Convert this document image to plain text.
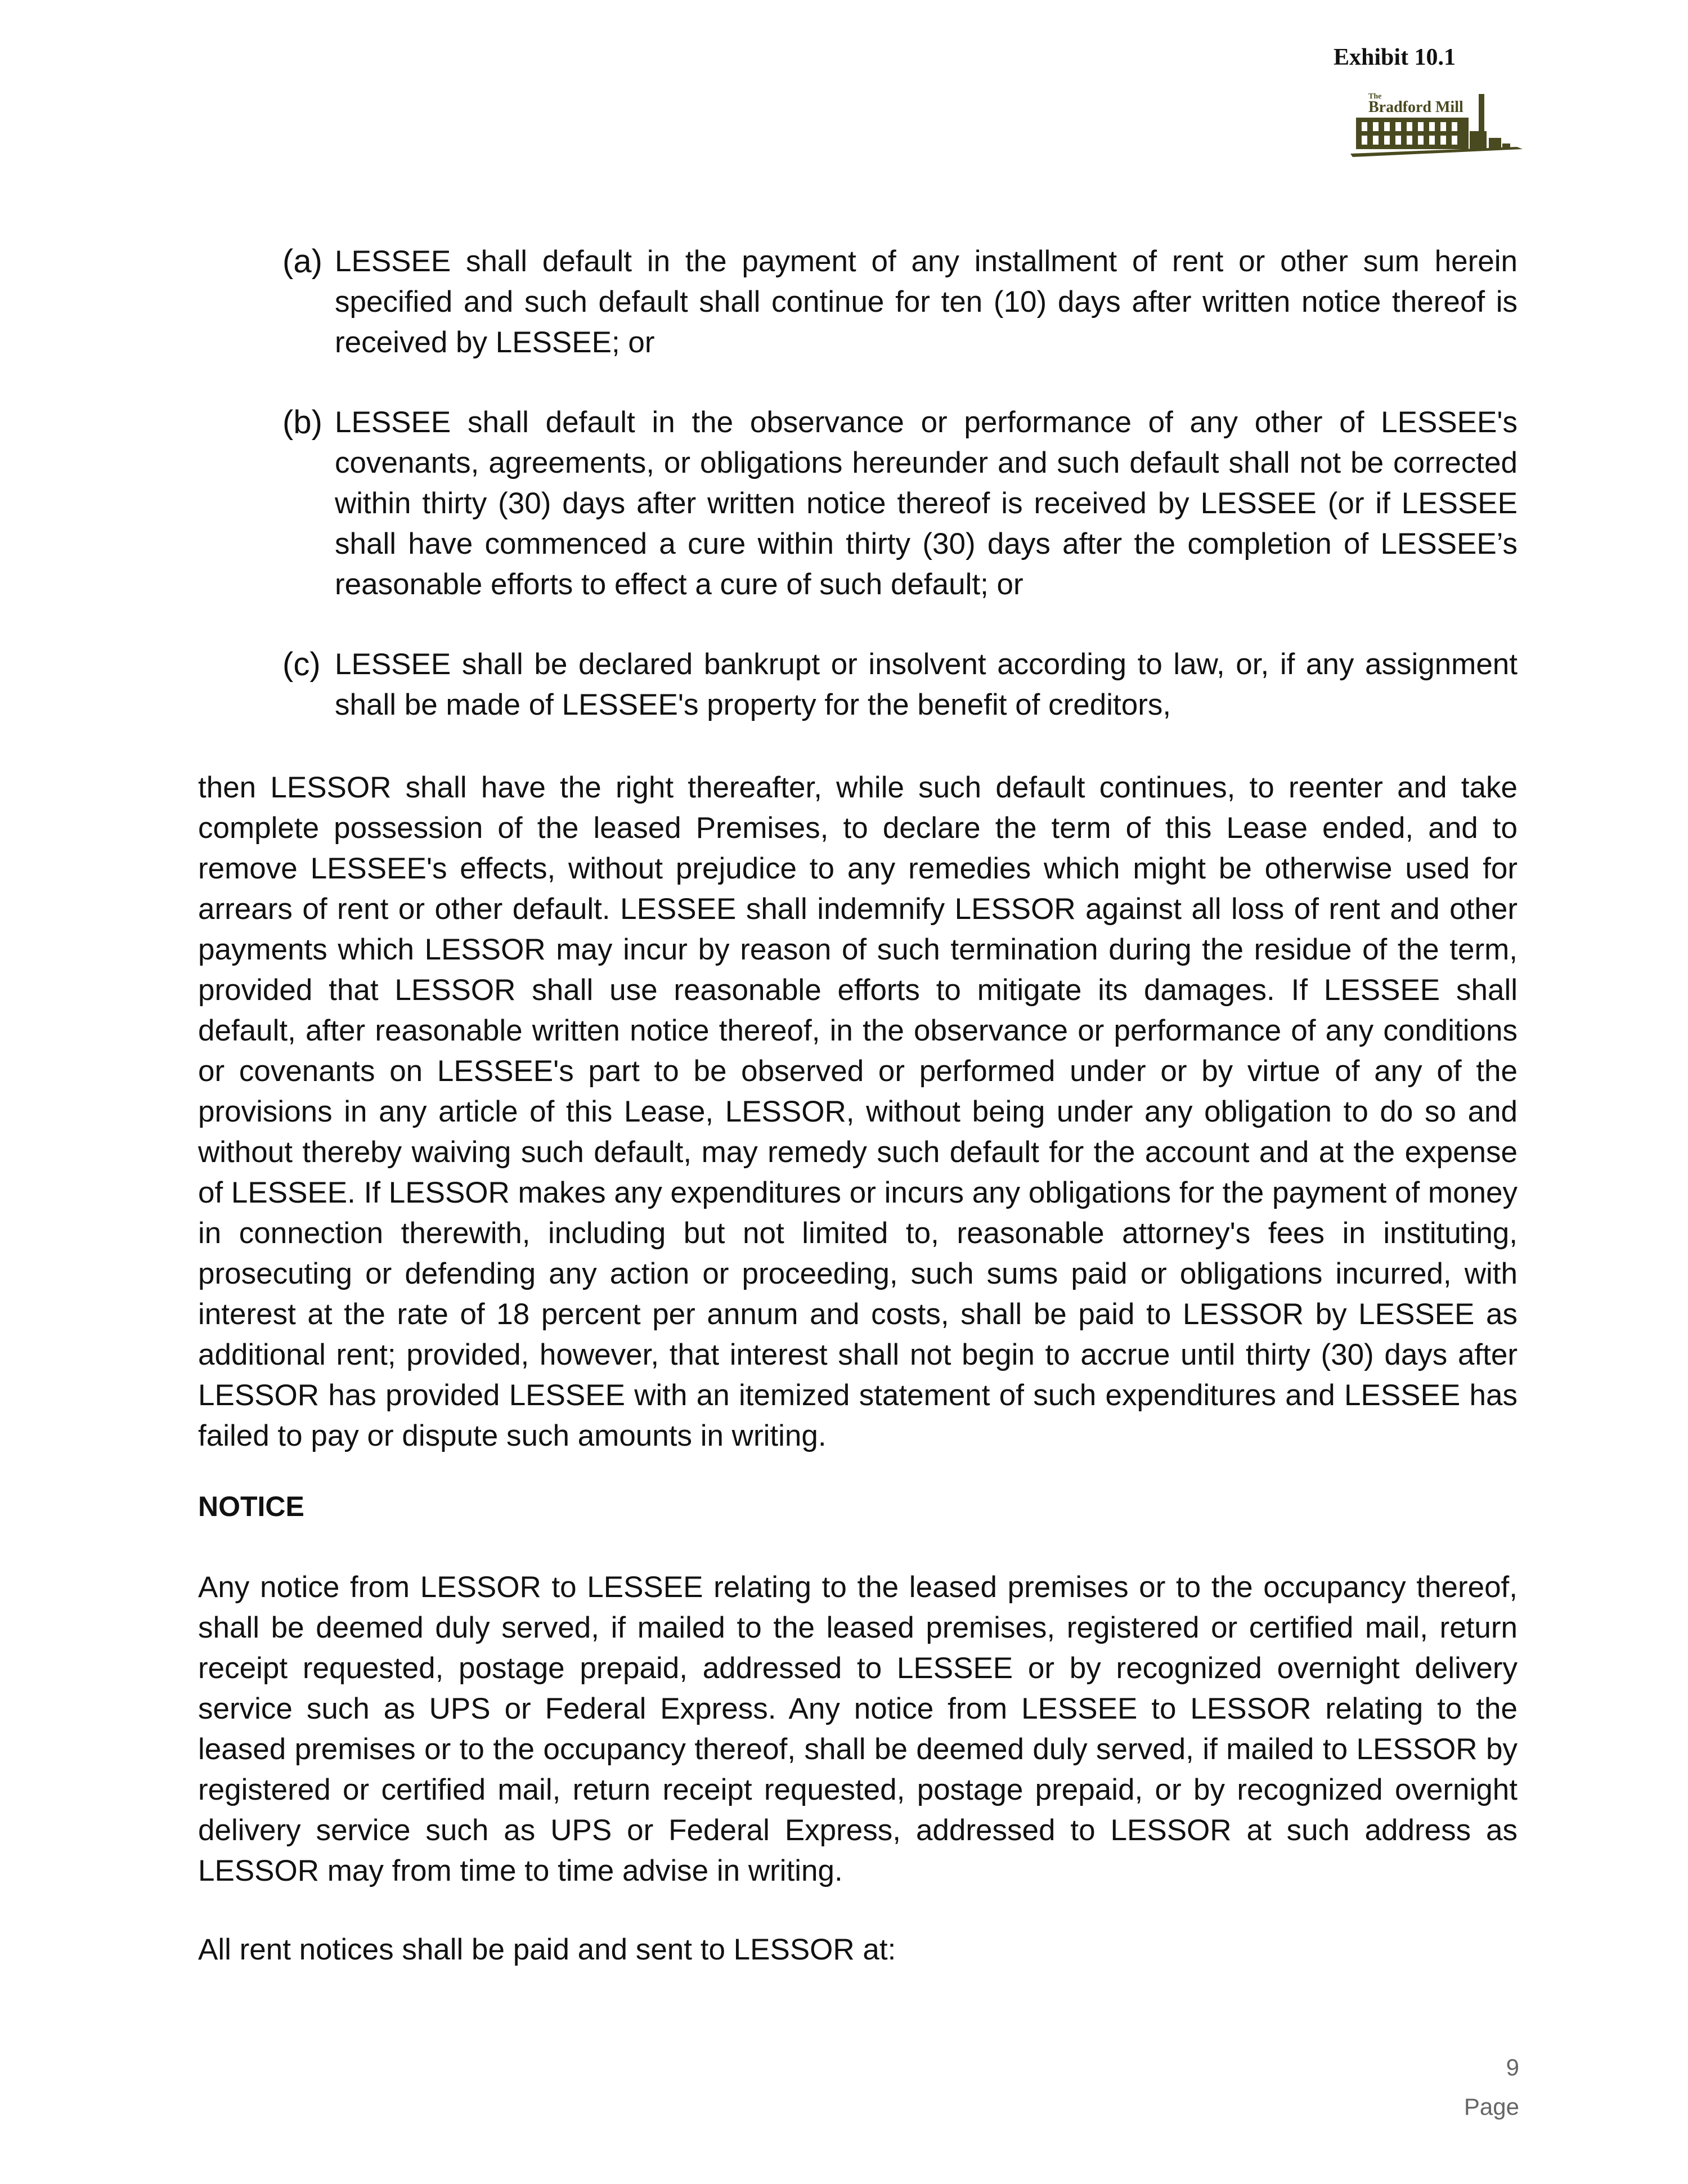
Exhibit 10.1
The
Bradford Mill
(a) LESSEE shall default in the payment of any installment of rent or other sum herein specified and such default shall continue for ten (10) days after written notice thereof is received by LESSEE; or
(b) LESSEE shall default in the observance or performance of any other of LESSEE's covenants, agreements, or obligations hereunder and such default shall not be corrected within thirty (30) days after written notice thereof is received by LESSEE (or if LESSEE shall have commenced a cure within thirty (30) days after the completion of LESSEE’s reasonable efforts to effect a cure of such default; or
(c) LESSEE shall be declared bankrupt or insolvent according to law, or, if any assignment shall be made of LESSEE's property for the benefit of creditors,
then LESSOR shall have the right thereafter, while such default continues, to reenter and take complete possession of the leased Premises, to declare the term of this Lease ended, and to remove LESSEE's effects, without prejudice to any remedies which might be otherwise used for arrears of rent or other default. LESSEE shall indemnify LESSOR against all loss of rent and other payments which LESSOR may incur by reason of such termination during the residue of the term, provided that LESSOR shall use reasonable efforts to mitigate its damages. If LESSEE shall default, after reasonable written notice thereof, in the observance or performance of any conditions or covenants on LESSEE's part to be observed or performed under or by virtue of any of the provisions in any article of this Lease, LESSOR, without being under any obligation to do so and without thereby waiving such default, may remedy such default for the account and at the expense of LESSEE. If LESSOR makes any expenditures or incurs any obligations for the payment of money in connection therewith, including but not limited to, reasonable attorney's fees in instituting, prosecuting or defending any action or proceeding, such sums paid or obligations incurred, with interest at the rate of 18 percent per annum and costs, shall be paid to LESSOR by LESSEE as additional rent; provided, however, that interest shall not begin to accrue until thirty (30) days after LESSOR has provided LESSEE with an itemized statement of such expenditures and LESSEE has failed to pay or dispute such amounts in writing.
NOTICE
Any notice from LESSOR to LESSEE relating to the leased premises or to the occupancy thereof, shall be deemed duly served, if mailed to the leased premises, registered or certified mail, return receipt requested, postage prepaid, addressed to LESSEE or by recognized overnight delivery service such as UPS or Federal Express. Any notice from LESSEE to LESSOR relating to the leased premises or to the occupancy thereof, shall be deemed duly served, if mailed to LESSOR by registered or certified mail, return receipt requested, postage prepaid, or by recognized overnight delivery service such as UPS or Federal Express, addressed to LESSOR at such address as LESSOR may from time to time advise in writing.
All rent notices shall be paid and sent to LESSOR at:
9
Page
